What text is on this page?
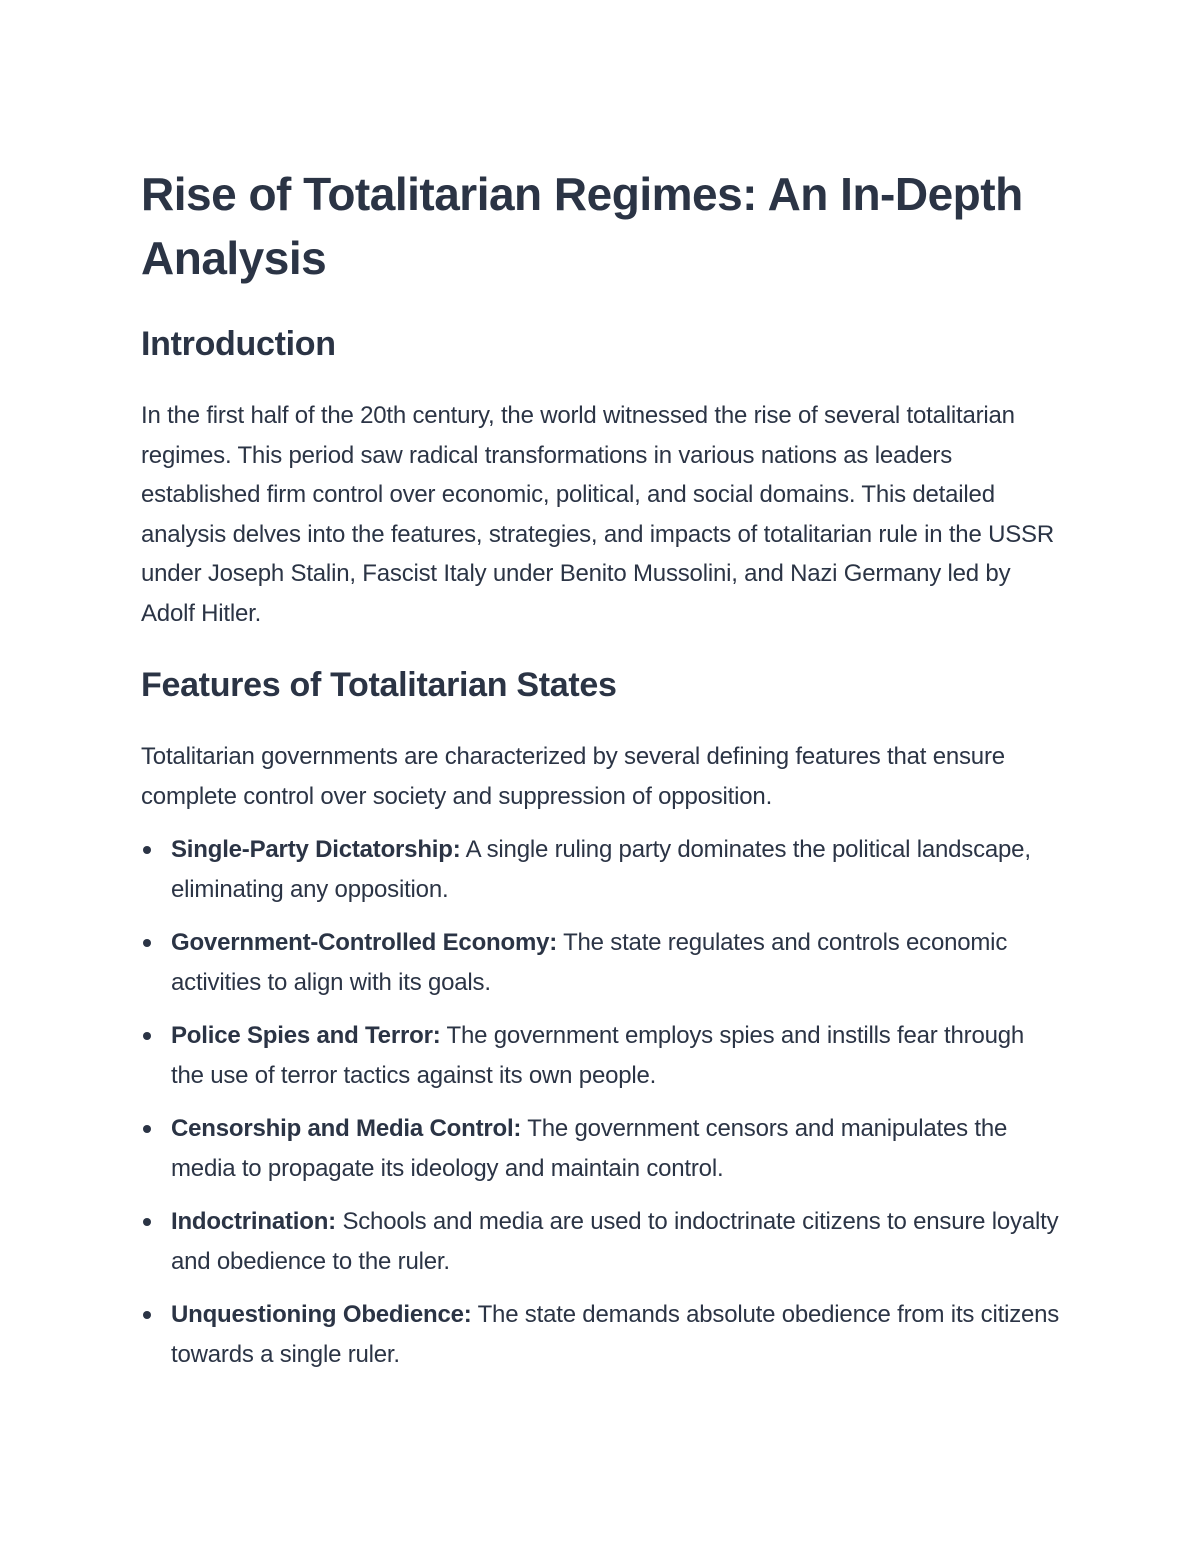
Rise of Totalitarian Regimes: An In-Depth Analysis
Introduction

In the first half of the 20th century, the world witnessed the rise of several totalitarian regimes. This period saw radical transformations in various nations as leaders established firm control over economic, political, and social domains. This detailed analysis delves into the features, strategies, and impacts of totalitarian rule in the USSR under Joseph Stalin, Fascist Italy under Benito Mussolini, and Nazi Germany led by Adolf Hitler.

Features of Totalitarian States

Totalitarian governments are characterized by several defining features that ensure complete control over society and suppression of opposition.

Single-Party Dictatorship: A single ruling party dominates the political landscape, eliminating any opposition.
Government-Controlled Economy: The state regulates and controls economic activities to align with its goals.
Police Spies and Terror: The government employs spies and instills fear through the use of terror tactics against its own people.
Censorship and Media Control: The government censors and manipulates the media to propagate its ideology and maintain control.
Indoctrination: Schools and media are used to indoctrinate citizens to ensure loyalty and obedience to the ruler.
Unquestioning Obedience: The state demands absolute obedience from its citizens towards a single ruler.
